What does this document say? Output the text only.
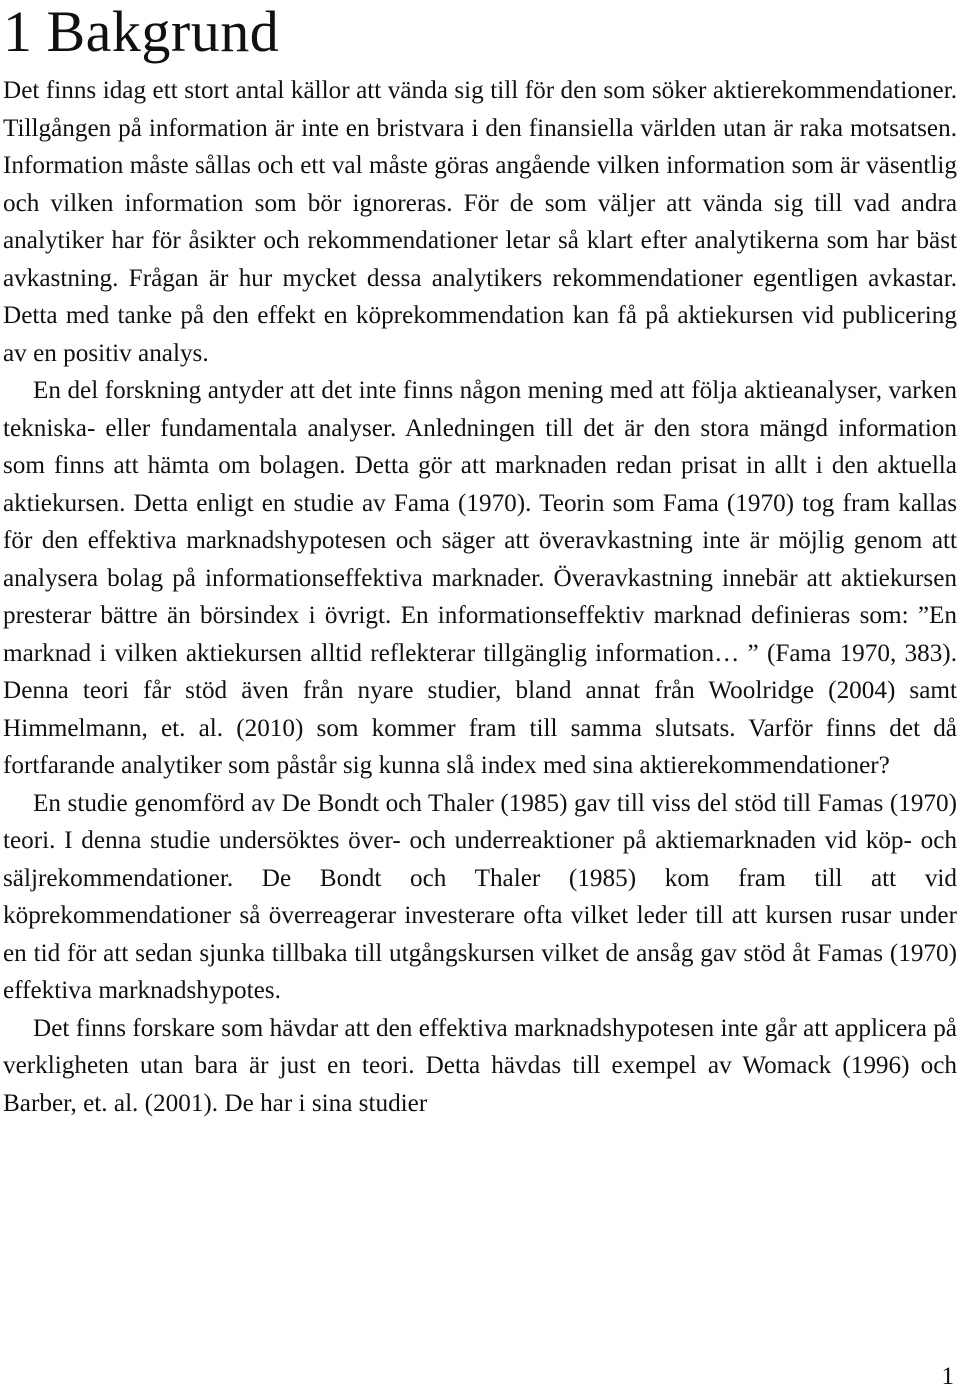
1 Bakgrund

Det finns idag ett stort antal källor att vända sig till för den som söker aktierekommendationer. Tillgången på information är inte en bristvara i den finansiella världen utan är raka motsatsen. Information måste sållas och ett val måste göras angående vilken information som är väsentlig och vilken information som bör ignoreras. För de som väljer att vända sig till vad andra analytiker har för åsikter och rekommendationer letar så klart efter analytikerna som har bäst avkastning. Frågan är hur mycket dessa analytikers rekommendationer egentligen avkastar. Detta med tanke på den effekt en köprekommendation kan få på aktiekursen vid publicering av en positiv analys.

En del forskning antyder att det inte finns någon mening med att följa aktieanalyser, varken tekniska- eller fundamentala analyser. Anledningen till det är den stora mängd information som finns att hämta om bolagen. Detta gör att marknaden redan prisat in allt i den aktuella aktiekursen. Detta enligt en studie av Fama (1970). Teorin som Fama (1970) tog fram kallas för den effektiva marknadshypotesen och säger att överavkastning inte är möjlig genom att analysera bolag på informationseffektiva marknader. Överavkastning innebär att aktiekursen presterar bättre än börsindex i övrigt. En informationseffektiv marknad definieras som: ”En marknad i vilken aktiekursen alltid reflekterar tillgänglig information… ” (Fama 1970, 383). Denna teori får stöd även från nyare studier, bland annat från Woolridge (2004) samt Himmelmann, et. al. (2010) som kommer fram till samma slutsats. Varför finns det då fortfarande analytiker som påstår sig kunna slå index med sina aktierekommendationer?

En studie genomförd av De Bondt och Thaler (1985) gav till viss del stöd till Famas (1970) teori. I denna studie undersöktes över- och underreaktioner på aktiemarknaden vid köp- och säljrekommendationer. De Bondt och Thaler (1985) kom fram till att vid köprekommendationer så överreagerar investerare ofta vilket leder till att kursen rusar under en tid för att sedan sjunka tillbaka till utgångskursen vilket de ansåg gav stöd åt Famas (1970) effektiva marknadshypotes.

Det finns forskare som hävdar att den effektiva marknadshypotesen inte går att applicera på verkligheten utan bara är just en teori. Detta hävdas till exempel av Womack (1996) och Barber, et. al. (2001). De har i sina studier

1
